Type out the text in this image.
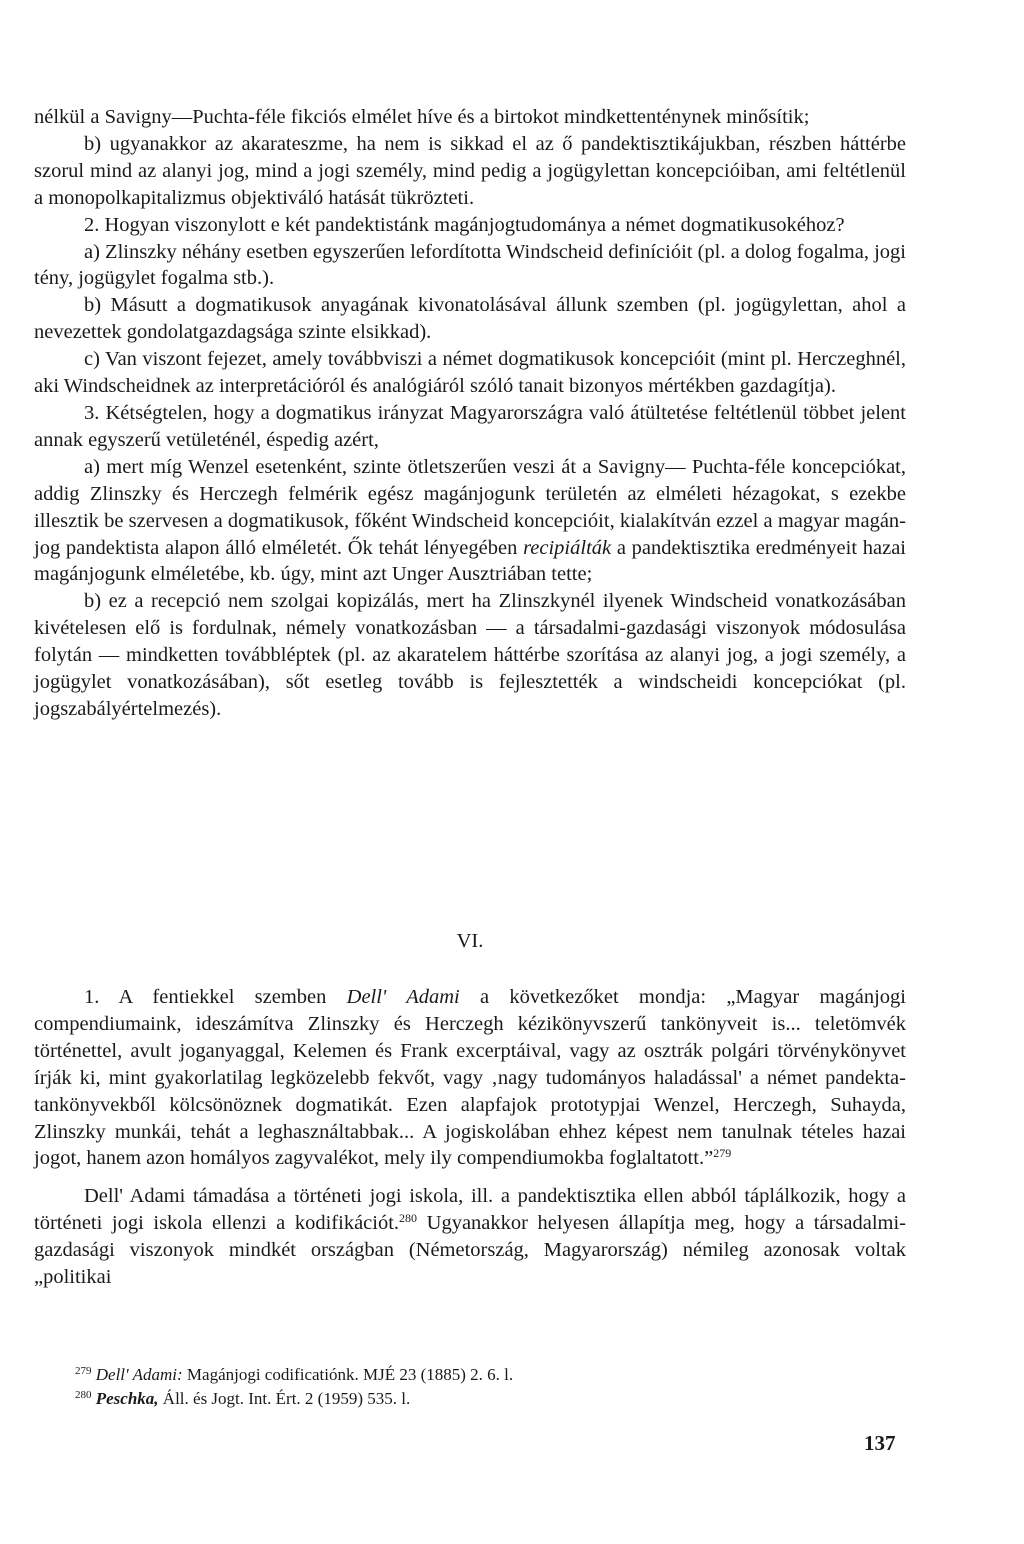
nélkül a Savigny—Puchta-féle fikciós elmélet híve és a birtokot mindkettenténynek minősítik;

b) ugyanakkor az akarateszme, ha nem is sikkad el az ő pandektisztikájukban, részben háttérbe szorul mind az alanyi jog, mind a jogi személy, mind pedig a jogügylettan koncepcióiban, ami feltétlenül a monopolkapitalizmus objektiváló hatását tükrözteti.

2. Hogyan viszonylott e két pandektistánk magánjogtudománya a német dogmatikusokéhoz?

a) Zlinszky néhány esetben egyszerűen lefordította Windscheid definícióit (pl. a dolog fogalma, jogi tény, jogügylet fogalma stb.).

b) Másutt a dogmatikusok anyagának kivonatolásával állunk szemben (pl. jogügylettan, ahol a nevezettek gondolatgazdagsága szinte elsikkad).

c) Van viszont fejezet, amely továbbviszi a német dogmatikusok koncepcióit (mint pl. Herczeghnél, aki Windscheidnek az interpretációról és analógiáról szóló tanait bizonyos mértékben gazdagítja).

3. Kétségtelen, hogy a dogmatikus irányzat Magyarországra való átültetése feltétlenül többet jelent annak egyszerű vetületénél, éspedig azért,

a) mert míg Wenzel esetenként, szinte ötletszerűen veszi át a Savigny— Puchta-féle koncepciókat, addig Zlinszky és Herczegh felmérik egész magánjogunk területén az elméleti hézagokat, s ezekbe illesztik be szervesen a dogmatikusok, főként Windscheid koncepcióit, kialakítván ezzel a magyar magánjog pandektista alapon álló elméletét. Ők tehát lényegében recipiálták a pandektisztika eredményeit hazai magánjogunk elméletébe, kb. úgy, mint azt Unger Ausztriában tette;

b) ez a recepció nem szolgai kopizálás, mert ha Zlinszkynél ilyenek Windscheid vonatkozásában kivételesen elő is fordulnak, némely vonatkozásban — a társadalmi-gazdasági viszonyok módosulása folytán — mindketten továbbléptek (pl. az akaratelem háttérbe szorítása az alanyi jog, a jogi személy, a jogügylet vonatkozásában), sőt esetleg tovább is fejlesztették a windscheidi koncepciókat (pl. jogszabályértelmezés).

VI.

1. A fentiekkel szemben Dell' Adami a következőket mondja: „Magyar magánjogi compendiumaink, ideszámítva Zlinszky és Herczegh kézikönyvszerű tankönyveit is... teletömvék történettel, avult joganyaggal, Kelemen és Frank excerptáival, vagy az osztrák polgári törvénykönyvet írják ki, mint gyakorlatilag legközelebb fekvőt, vagy ‚nagy tudományos haladással' a német pandektatankönyvekből kölcsönöznek dogmatikát. Ezen alapfajok prototypjai Wenzel, Herczegh, Suhayda, Zlinszky munkái, tehát a leghasználtabbak... A jogiskolában ehhez képest nem tanulnak tételes hazai jogot, hanem azon homályos zagyvalékot, mely ily compendiumokba foglaltatott.”$^{279}$

Dell' Adami támadása a történeti jogi iskola, ill. a pandektisztika ellen abból táplálkozik, hogy a történeti jogi iskola ellenzi a kodifikációt.$^{280}$ Ugyanakkor helyesen állapítja meg, hogy a társadalmi-gazdasági viszonyok mindkét országban (Németország, Magyarország) némileg azonosak voltak „politikai

$^{279}$ Dell' Adami: Magánjogi codificatiónk. MJÉ 23 (1885) 2. 6. l.

$^{280}$ Peschka, Áll. és Jogt. Int. Ért. 2 (1959) 535. l.

137
